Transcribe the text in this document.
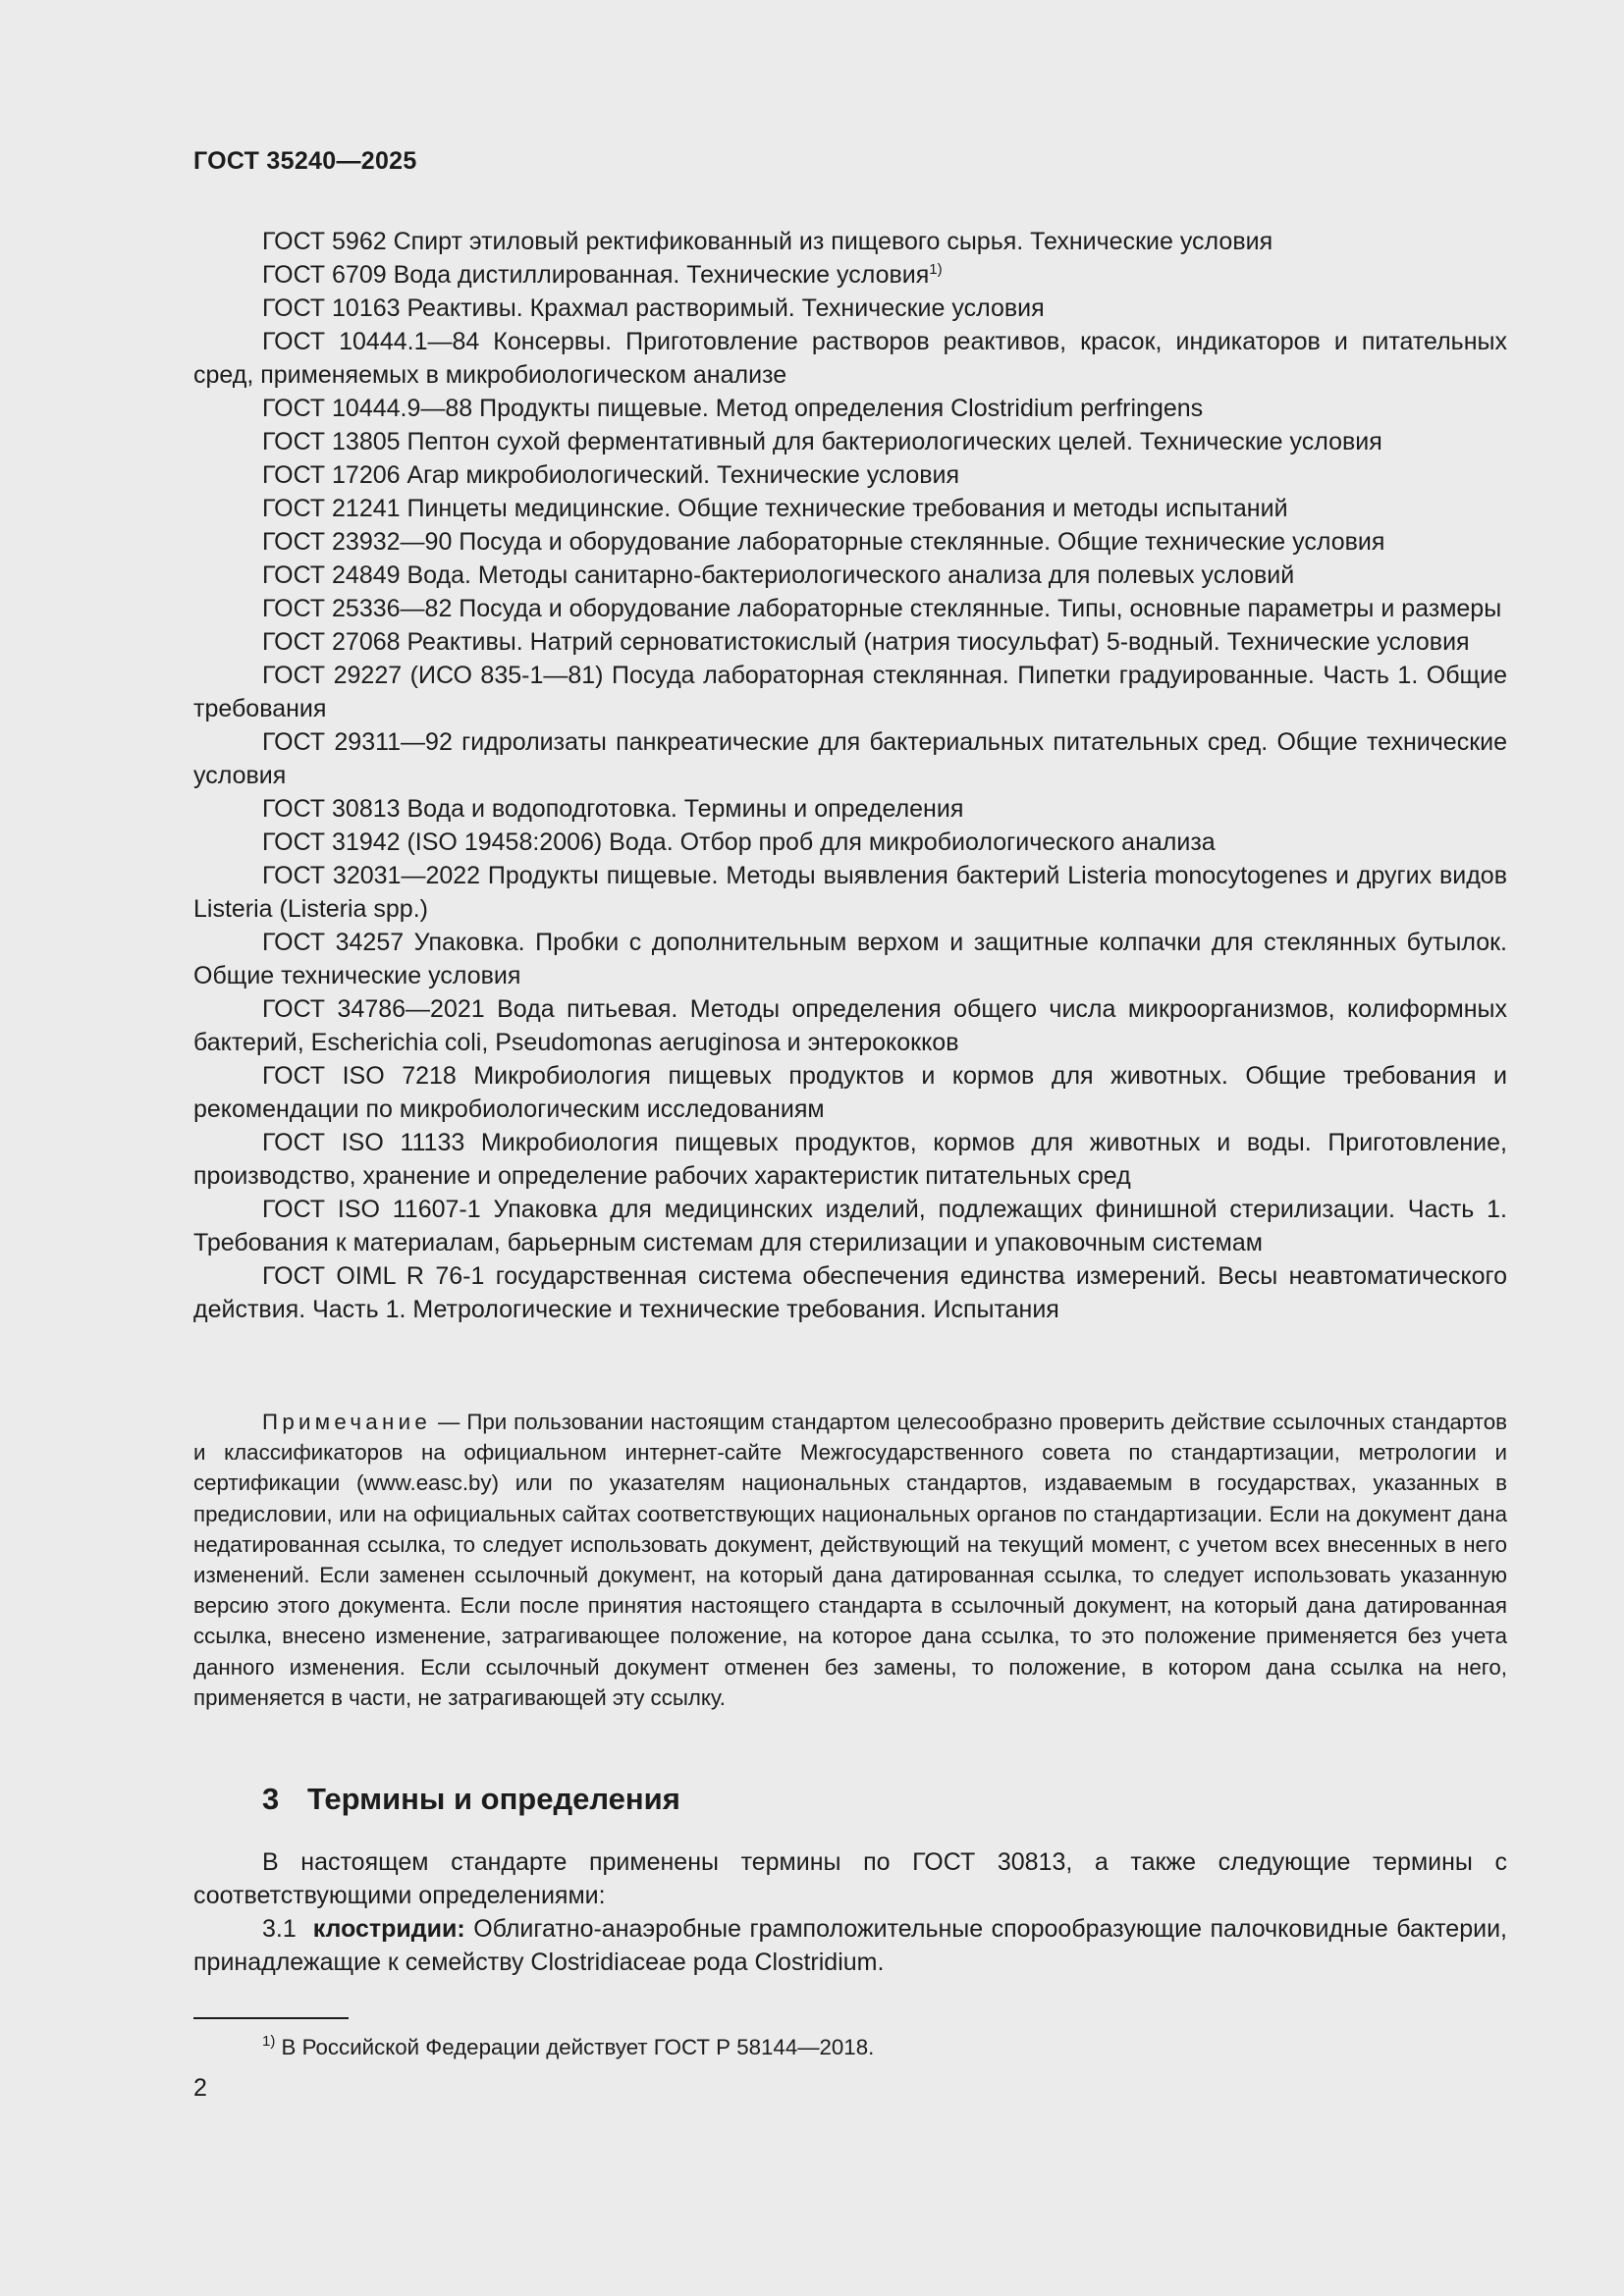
ГОСТ 35240—2025

ГОСТ 5962 Спирт этиловый ректификованный из пищевого сырья. Технические условия

ГОСТ 6709 Вода дистиллированная. Технические условия$^{1)}$

ГОСТ 10163 Реактивы. Крахмал растворимый. Технические условия

ГОСТ 10444.1—84 Консервы. Приготовление растворов реактивов, красок, индикаторов и питательных сред, применяемых в микробиологическом анализе

ГОСТ 10444.9—88 Продукты пищевые. Метод определения Clostridium perfringens

ГОСТ 13805 Пептон сухой ферментативный для бактериологических целей. Технические условия

ГОСТ 17206 Агар микробиологический. Технические условия

ГОСТ 21241 Пинцеты медицинские. Общие технические требования и методы испытаний

ГОСТ 23932—90 Посуда и оборудование лабораторные стеклянные. Общие технические условия

ГОСТ 24849 Вода. Методы санитарно-бактериологического анализа для полевых условий

ГОСТ 25336—82 Посуда и оборудование лабораторные стеклянные. Типы, основные параметры и размеры

ГОСТ 27068 Реактивы. Натрий серноватистокислый (натрия тиосульфат) 5-водный. Технические условия

ГОСТ 29227 (ИСО 835-1—81) Посуда лабораторная стеклянная. Пипетки градуированные. Часть 1. Общие требования

ГОСТ 29311—92 гидролизаты панкреатические для бактериальных питательных сред. Общие технические условия

ГОСТ 30813 Вода и водоподготовка. Термины и определения

ГОСТ 31942 (ISO 19458:2006) Вода. Отбор проб для микробиологического анализа

ГОСТ 32031—2022 Продукты пищевые. Методы выявления бактерий Listeria monocytogenes и других видов Listeria (Listeria spp.)

ГОСТ 34257 Упаковка. Пробки с дополнительным верхом и защитные колпачки для стеклянных бутылок. Общие технические условия

ГОСТ 34786—2021 Вода питьевая. Методы определения общего числа микроорганизмов, колиформных бактерий, Escherichia coli, Pseudomonas aeruginosa и энтерококков

ГОСТ ISO 7218 Микробиология пищевых продуктов и кормов для животных. Общие требования и рекомендации по микробиологическим исследованиям

ГОСТ ISO 11133 Микробиология пищевых продуктов, кормов для животных и воды. Приготовление, производство, хранение и определение рабочих характеристик питательных сред

ГОСТ ISO 11607-1 Упаковка для медицинских изделий, подлежащих финишной стерилизации. Часть 1. Требования к материалам, барьерным системам для стерилизации и упаковочным системам

ГОСТ OIML R 76-1 государственная система обеспечения единства измерений. Весы неавтоматического действия. Часть 1. Метрологические и технические требования. Испытания

Примечание — При пользовании настоящим стандартом целесообразно проверить действие ссылочных стандартов и классификаторов на официальном интернет-сайте Межгосударственного совета по стандартизации, метрологии и сертификации (www.easc.by) или по указателям национальных стандартов, издаваемым в государствах, указанных в предисловии, или на официальных сайтах соответствующих национальных органов по стандартизации. Если на документ дана недатированная ссылка, то следует использовать документ, действующий на текущий момент, с учетом всех внесенных в него изменений. Если заменен ссылочный документ, на который дана датированная ссылка, то следует использовать указанную версию этого документа. Если после принятия настоящего стандарта в ссылочный документ, на который дана датированная ссылка, внесено изменение, затрагивающее положение, на которое дана ссылка, то это положение применяется без учета данного изменения. Если ссылочный документ отменен без замены, то положение, в котором дана ссылка на него, применяется в части, не затрагивающей эту ссылку.

3 Термины и определения

В настоящем стандарте применены термины по ГОСТ 30813, а также следующие термины с соответствующими определениями:

3.1 клостридии: Облигатно-анаэробные грамположительные спорообразующие палочковидные бактерии, принадлежащие к семейству Clostridiaceae рода Clostridium.

$^{1)}$ В Российской Федерации действует ГОСТ Р 58144—2018.

2
